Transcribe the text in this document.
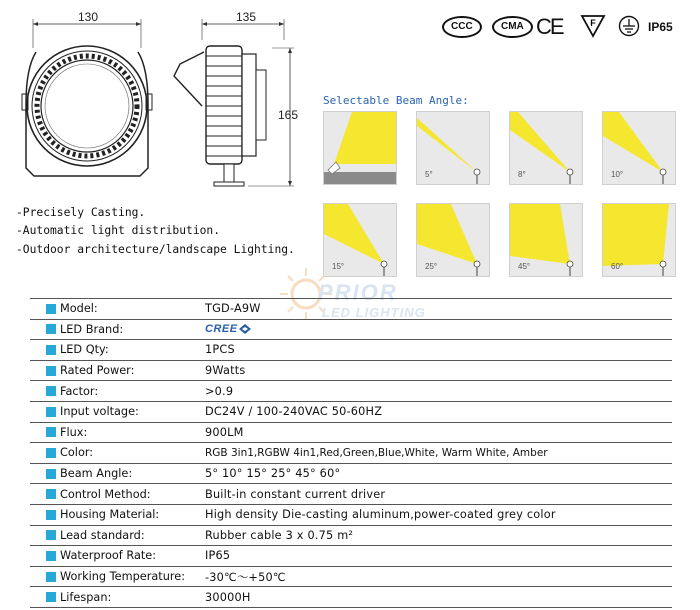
130	135
165
CCC	CMA CE	F	IP65
-Precisely Casting.
-Automatic light distribution.
-Outdoor architecture/landscape Lighting.
Selectable Beam Angle:
5°	8°	10°
15°	25°	45°	60°
PRIOR
LED LIGHTING
Model:	TGD-A9W
LED Brand:	CREE
LED Qty:	1PCS
Rated Power:	9Watts
Factor:	>0.9
Input voltage:	DC24V / 100-240VAC 50-60HZ
Flux:	900LM
Color:	RGB 3in1,RGBW 4in1,Red,Green,Blue,White, Warm White, Amber
Beam Angle:	5° 10° 15° 25° 45° 60°
Control Method:	Built-in constant current driver
Housing Material:	High density Die-casting aluminum,power-coated grey color
Lead standard:	Rubber cable 3 x 0.75 m²
Waterproof Rate:	IP65
Working Temperature: -30℃～+50℃
Lifespan:	30000H
